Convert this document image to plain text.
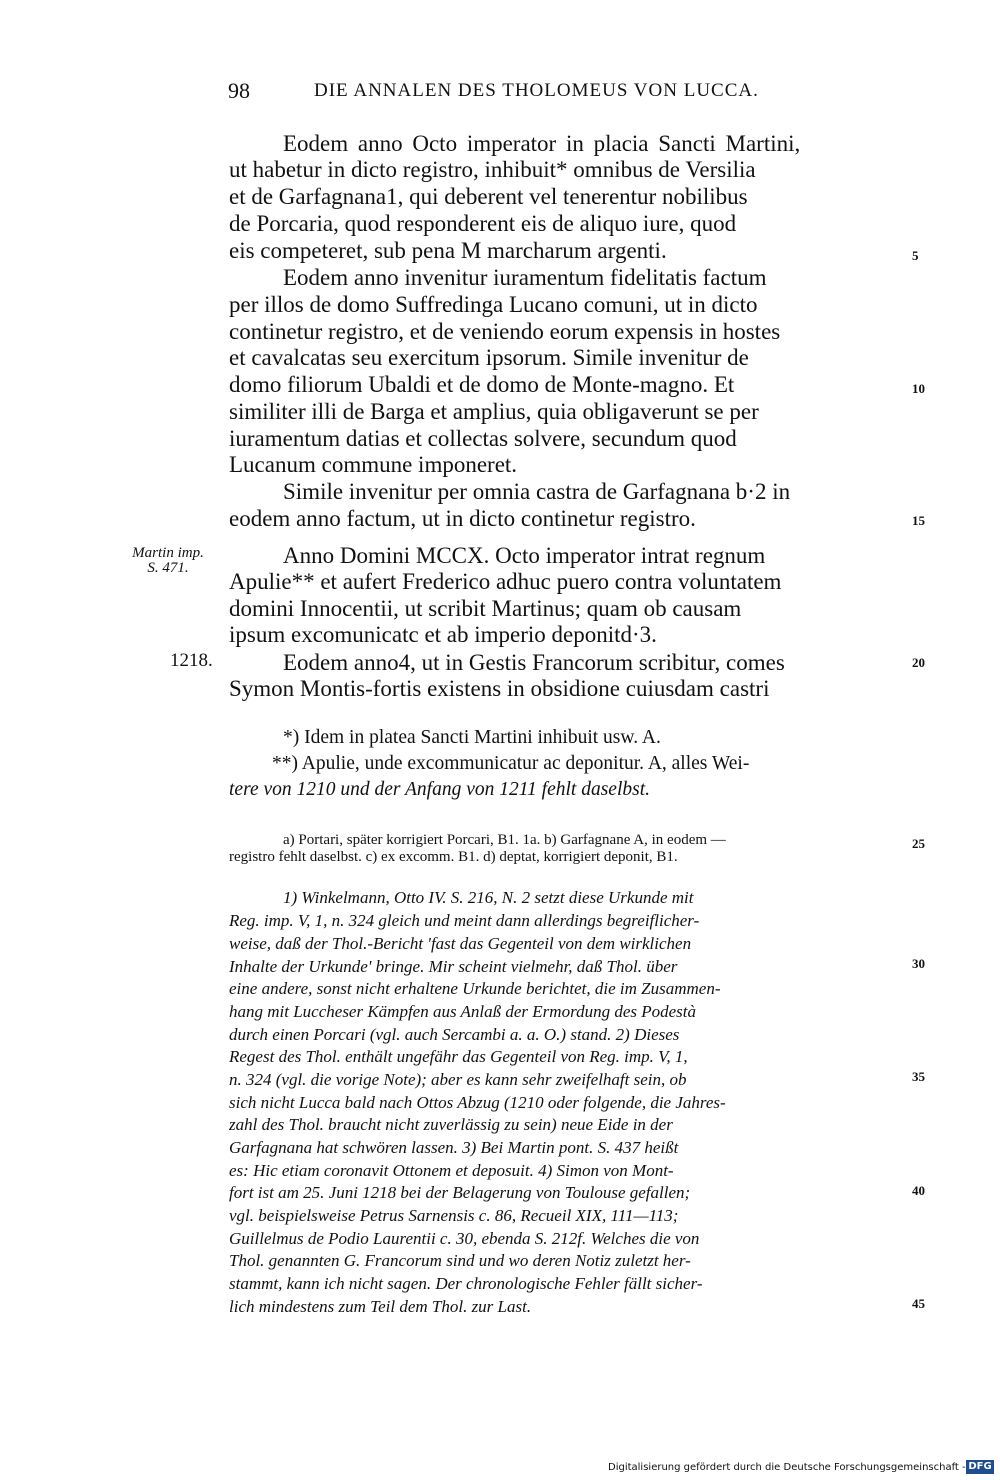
98	DIE ANNALEN DES THOLOMEUS VON LUCCA.
Martin imp.
S. 471.
1218.
Eodem anno Octo imperator in placia Sancti Martini,
ut habetur in dicto registro, inhibuit* omnibus de Versilia
et de Garfagnana1, qui deberent vel tenerentur nobilibus
de Porcaria, quod responderent eis de aliquo iure, quod
eis competeret, sub pena M marcharum argenti.
Eodem anno invenitur iuramentum fidelitatis factum
per illos de domo Suffredinga Lucano comuni, ut in dicto
continetur registro, et de veniendo eorum expensis in hostes
et cavalcatas seu exercitum ipsorum. Simile invenitur de
domo filiorum Ubaldi et de domo de Monte-magno. Et
similiter illi de Barga et amplius, quia obligaverunt se per
iuramentum datias et collectas solvere, secundum quod
Lucanum commune imponeret.
Simile invenitur per omnia castra de Garfagnana b·2 in
eodem anno factum, ut in dicto continetur registro.
Anno Domini MCCX. Octo imperator intrat regnum
Apulie** et aufert Frederico adhuc puero contra voluntatem
domini Innocentii, ut scribit Martinus; quam ob causam
ipsum excomunicatc et ab imperio deponitd·3.
Eodem anno4, ut in Gestis Francorum scribitur, comes
Symon Montis-fortis existens in obsidione cuiusdam castri
*) Idem in platea Sancti Martini inhibuit usw. A.
**) Apulie, unde excommunicatur ac deponitur. A, alles Wei-
tere von 1210 und der Anfang von 1211 fehlt daselbst.
a) Portari, später korrigiert Porcari, B1. 1a. b) Garfagnane A, in eodem —
registro fehlt daselbst. c) ex excomm. B1. d) deptat, korrigiert deponit, B1.
1) Winkelmann, Otto IV. S. 216, N. 2 setzt diese Urkunde mit
Reg. imp. V, 1, n. 324 gleich und meint dann allerdings begreiflicher-
weise, daß der Thol.-Bericht 'fast das Gegenteil von dem wirklichen
Inhalte der Urkunde' bringe. Mir scheint vielmehr, daß Thol. über
eine andere, sonst nicht erhaltene Urkunde berichtet, die im Zusammen-
hang mit Luccheser Kämpfen aus Anlaß der Ermordung des Podestà
durch einen Porcari (vgl. auch Sercambi a. a. O.) stand. 2) Dieses
Regest des Thol. enthält ungefähr das Gegenteil von Reg. imp. V, 1,
n. 324 (vgl. die vorige Note); aber es kann sehr zweifelhaft sein, ob
sich nicht Lucca bald nach Ottos Abzug (1210 oder folgende, die Jahres-
zahl des Thol. braucht nicht zuverlässig zu sein) neue Eide in der
Garfagnana hat schwören lassen. 3) Bei Martin pont. S. 437 heißt
es: Hic etiam coronavit Ottonem et deposuit. 4) Simon von Mont-
fort ist am 25. Juni 1218 bei der Belagerung von Toulouse gefallen;
vgl. beispielsweise Petrus Sarnensis c. 86, Recueil XIX, 111—113;
Guillelmus de Podio Laurentii c. 30, ebenda S. 212f. Welches die von
Thol. genannten G. Francorum sind und wo deren Notiz zuletzt her-
stammt, kann ich nicht sagen. Der chronologische Fehler fällt sicher-
lich mindestens zum Teil dem Thol. zur Last.
5
10
15
20
25
30
35
40
45
Digitalisierung gefördert durch die Deutsche Forschungsgemeinschaft - DFG
